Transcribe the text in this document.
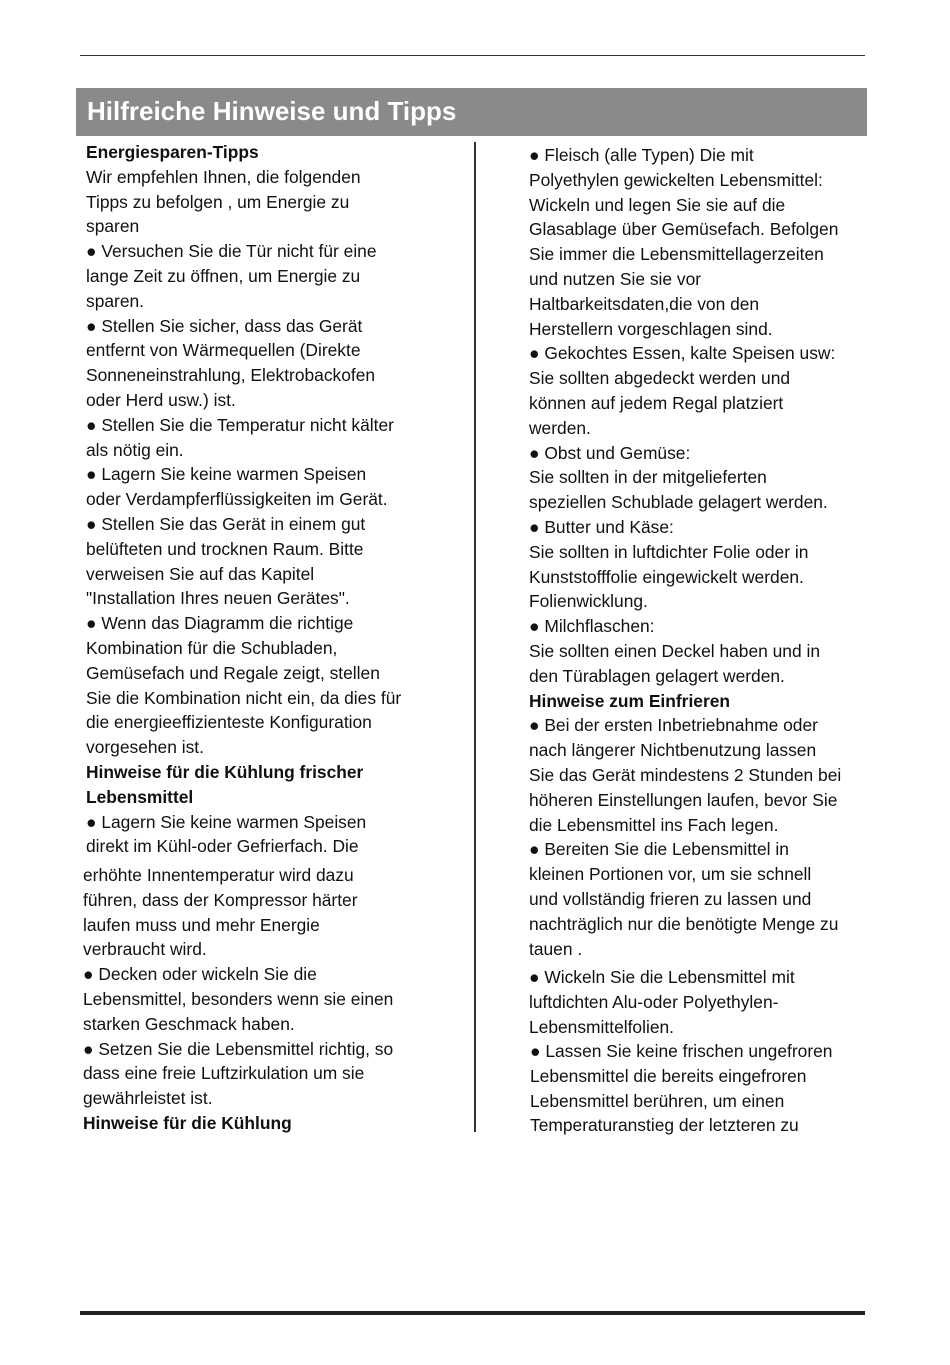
Hilfreiche Hinweise und Tipps

Energiesparen-Tipps

Wir empfehlen Ihnen, die folgenden

Tipps zu befolgen , um Energie zu

sparen

● Versuchen Sie die Tür nicht für eine

lange Zeit zu öffnen, um Energie zu

sparen.

● Stellen Sie sicher, dass das Gerät

entfernt von Wärmequellen (Direkte

Sonneneinstrahlung, Elektrobackofen

oder Herd usw.) ist.

● Stellen Sie die Temperatur nicht kälter

als nötig ein.

● Lagern Sie keine warmen Speisen

oder Verdampferflüssigkeiten im Gerät.

● Stellen Sie das Gerät in einem gut

belüfteten und trocknen Raum. Bitte

verweisen Sie auf das Kapitel

"Installation Ihres neuen Gerätes".

● Wenn das Diagramm die richtige

Kombination für die Schubladen,

Gemüsefach und Regale zeigt, stellen

Sie die Kombination nicht ein, da dies für

die energieeffizienteste Konfiguration

vorgesehen ist.

Hinweise für die Kühlung frischer

Lebensmittel

● Lagern Sie keine warmen Speisen

direkt im Kühl-oder Gefrierfach. Die

erhöhte Innentemperatur wird dazu

führen, dass der Kompressor härter

laufen muss und mehr Energie

verbraucht wird.

● Decken oder wickeln Sie die

Lebensmittel, besonders wenn sie einen

starken Geschmack haben.

● Setzen Sie die Lebensmittel richtig, so

dass eine freie Luftzirkulation um sie

gewährleistet ist.

Hinweise für die Kühlung

● Fleisch (alle Typen) Die mit

Polyethylen gewickelten Lebensmittel:

Wickeln und legen Sie sie auf die

Glasablage über Gemüsefach. Befolgen

Sie immer die Lebensmittellagerzeiten

und nutzen Sie sie vor

Haltbarkeitsdaten,die von den

Herstellern vorgeschlagen sind.

● Gekochtes Essen, kalte Speisen usw:

Sie sollten abgedeckt werden und

können auf jedem Regal platziert

werden.

● Obst und Gemüse:

Sie sollten in der mitgelieferten

speziellen Schublade gelagert werden.

● Butter und Käse:

Sie sollten in luftdichter Folie oder in

Kunststofffolie eingewickelt werden.

Folienwicklung.

● Milchflaschen:

Sie sollten einen Deckel haben und in

den Türablagen gelagert werden.

Hinweise zum Einfrieren

● Bei der ersten Inbetriebnahme oder

nach längerer Nichtbenutzung lassen

Sie das Gerät mindestens 2 Stunden bei

höheren Einstellungen laufen, bevor Sie

die Lebensmittel ins Fach legen.

● Bereiten Sie die Lebensmittel in

kleinen Portionen vor, um sie schnell

und vollständig frieren zu lassen und

nachträglich nur die benötigte Menge zu

tauen .

● Wickeln Sie die Lebensmittel mit

luftdichten Alu-oder Polyethylen-

Lebensmittelfolien.

● Lassen Sie keine frischen ungefroren

Lebensmittel die bereits eingefroren

Lebensmittel berühren, um einen

Temperaturanstieg der letzteren zu
